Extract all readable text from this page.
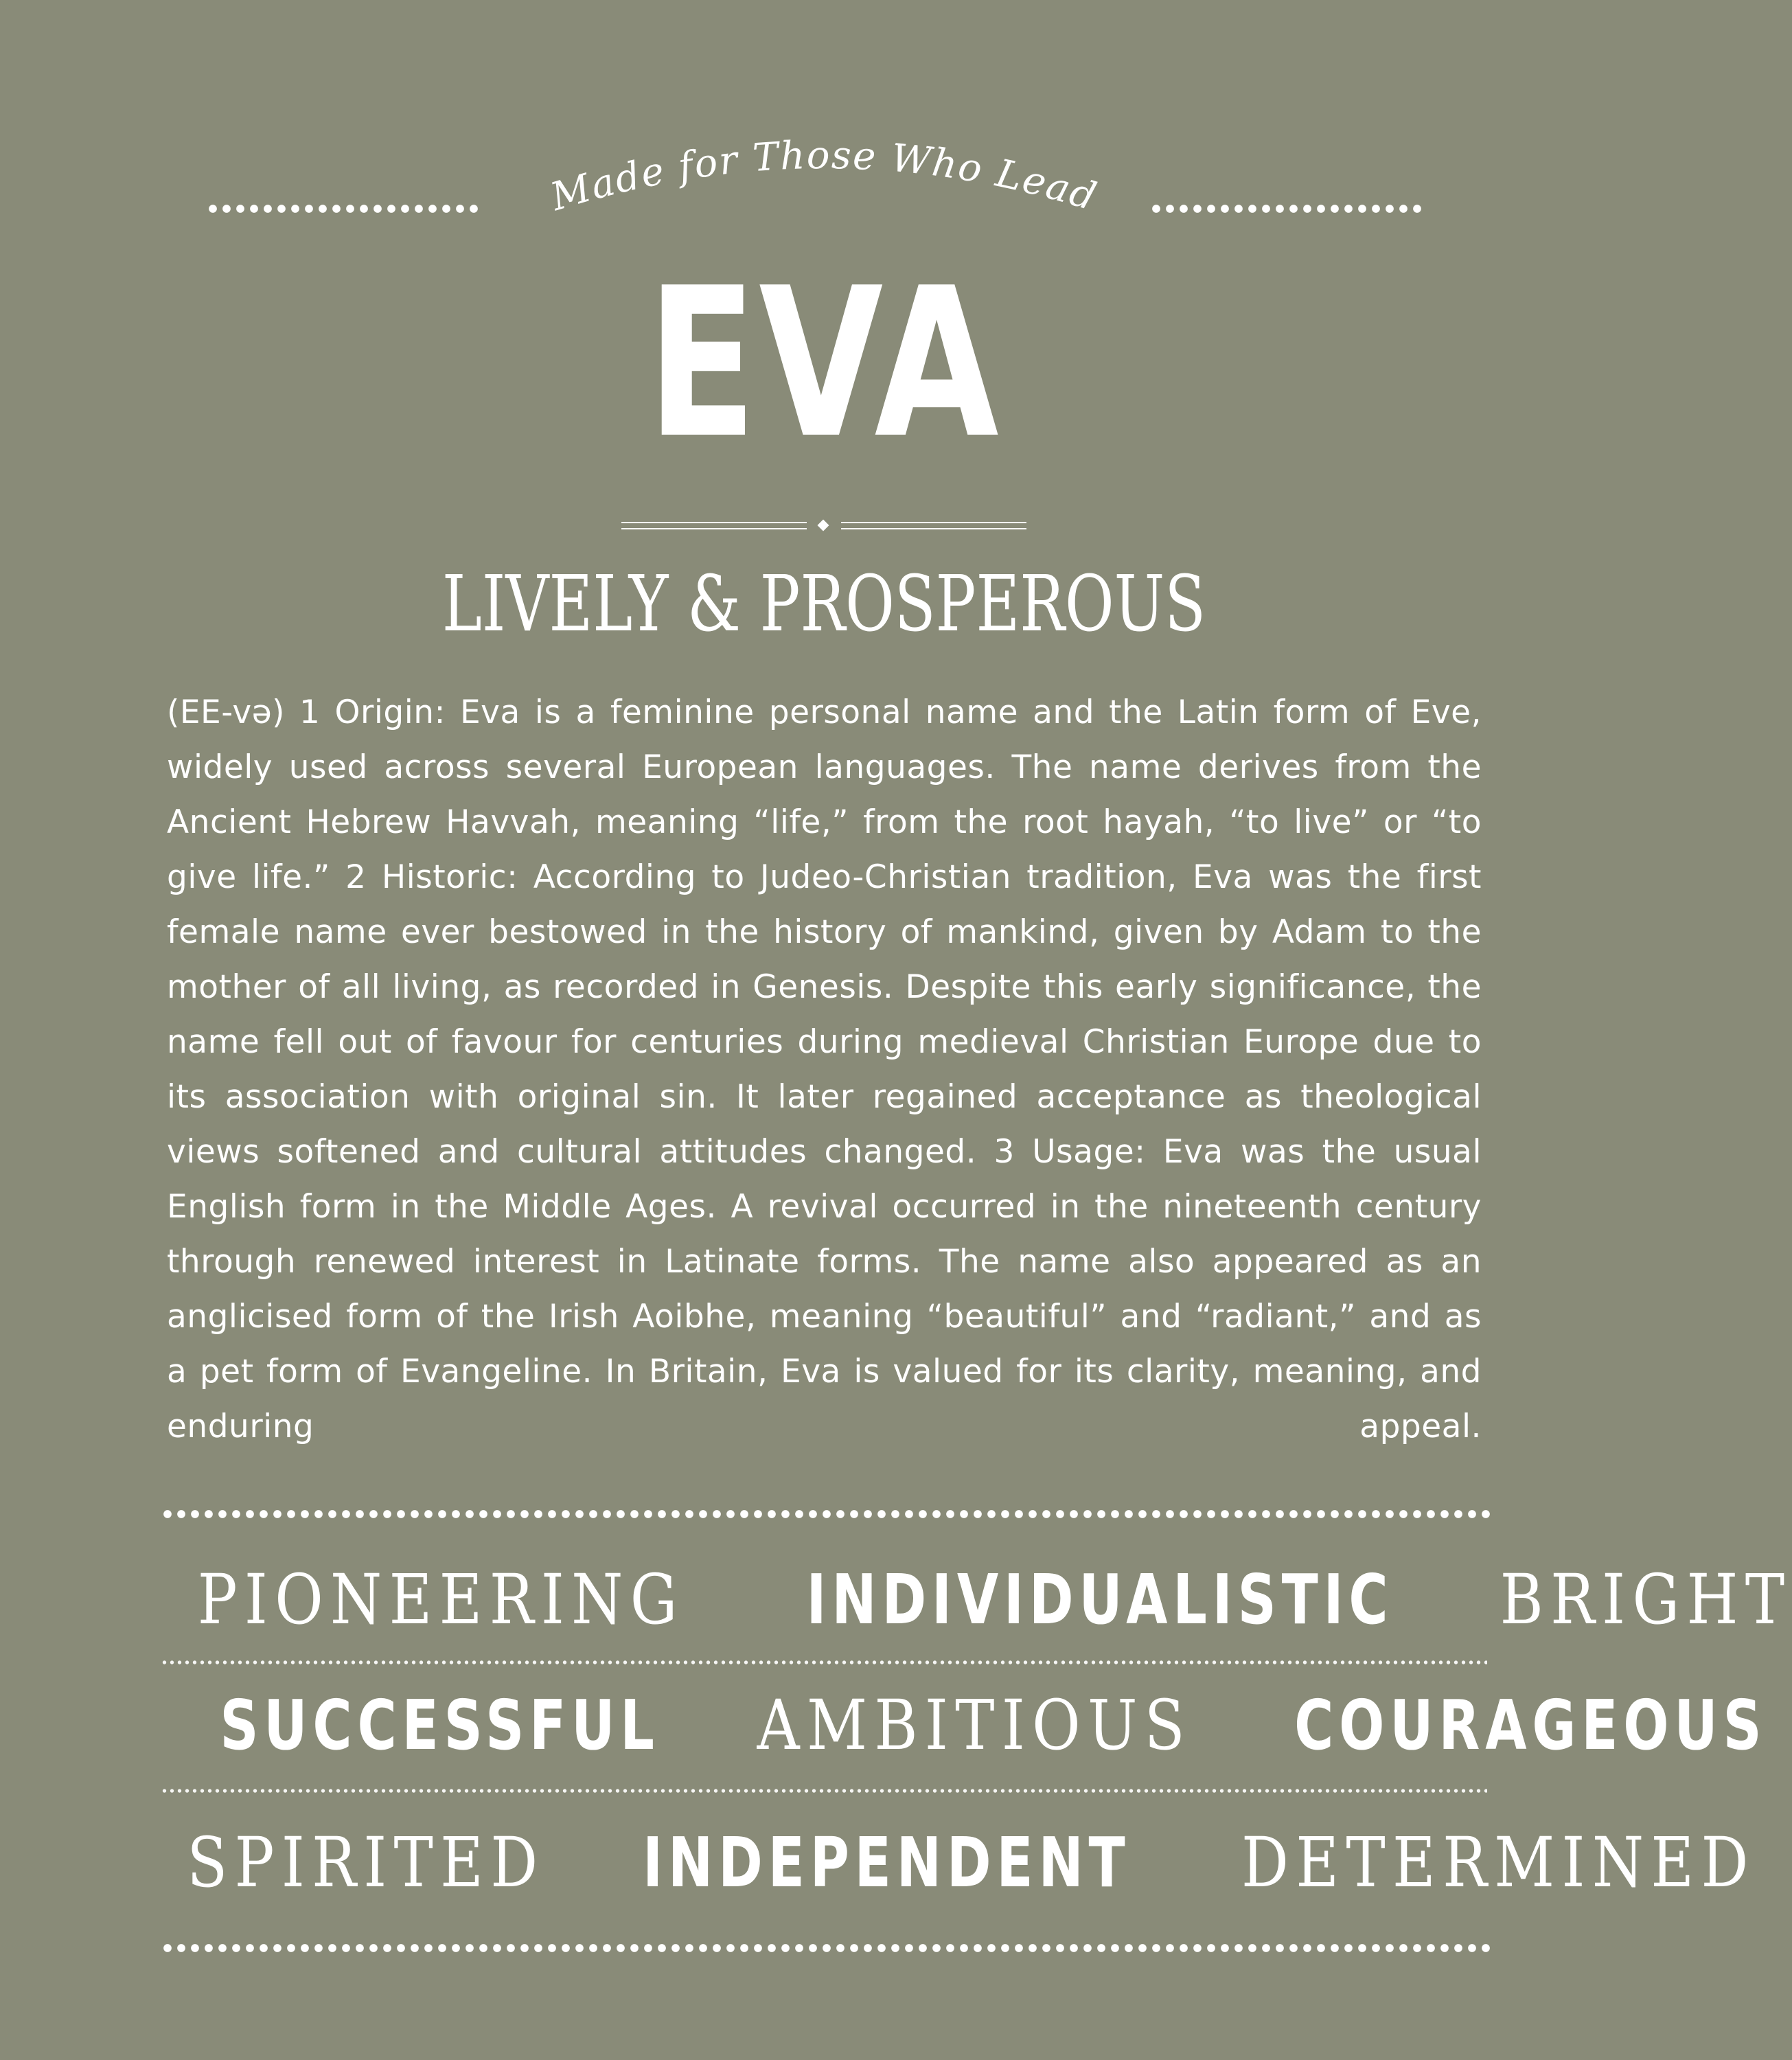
Made for Those Who Lead
EVA
LIVELY & PROSPEROUS
(EE-və) 1 Origin: Eva is a feminine personal name and the Latin form of Eve, widely used across several European languages. The name derives from the Ancient Hebrew Havvah, meaning “life,” from the root hayah, “to live” or “to give life.” 2 Historic: According to Judeo-Christian tradition, Eva was the first female name ever bestowed in the history of mankind, given by Adam to the mother of all living, as recorded in Genesis. Despite this early significance, the name fell out of favour for centuries during medieval Christian Europe due to its association with original sin. It later regained acceptance as theological views softened and cultural attitudes changed. 3 Usage: Eva was the usual English form in the Middle Ages. A revival occurred in the nineteenth century through renewed interest in Latinate forms. The name also appeared as an anglicised form of the Irish Aoibhe, meaning “beautiful” and “radiant,” and as a pet form of Evangeline. In Britain, Eva is valued for its clarity, meaning, and enduring appeal.
PIONEERING INDIVIDUALISTIC BRIGHT
SUCCESSFUL AMBITIOUS COURAGEOUS
SPIRITED INDEPENDENT DETERMINED
